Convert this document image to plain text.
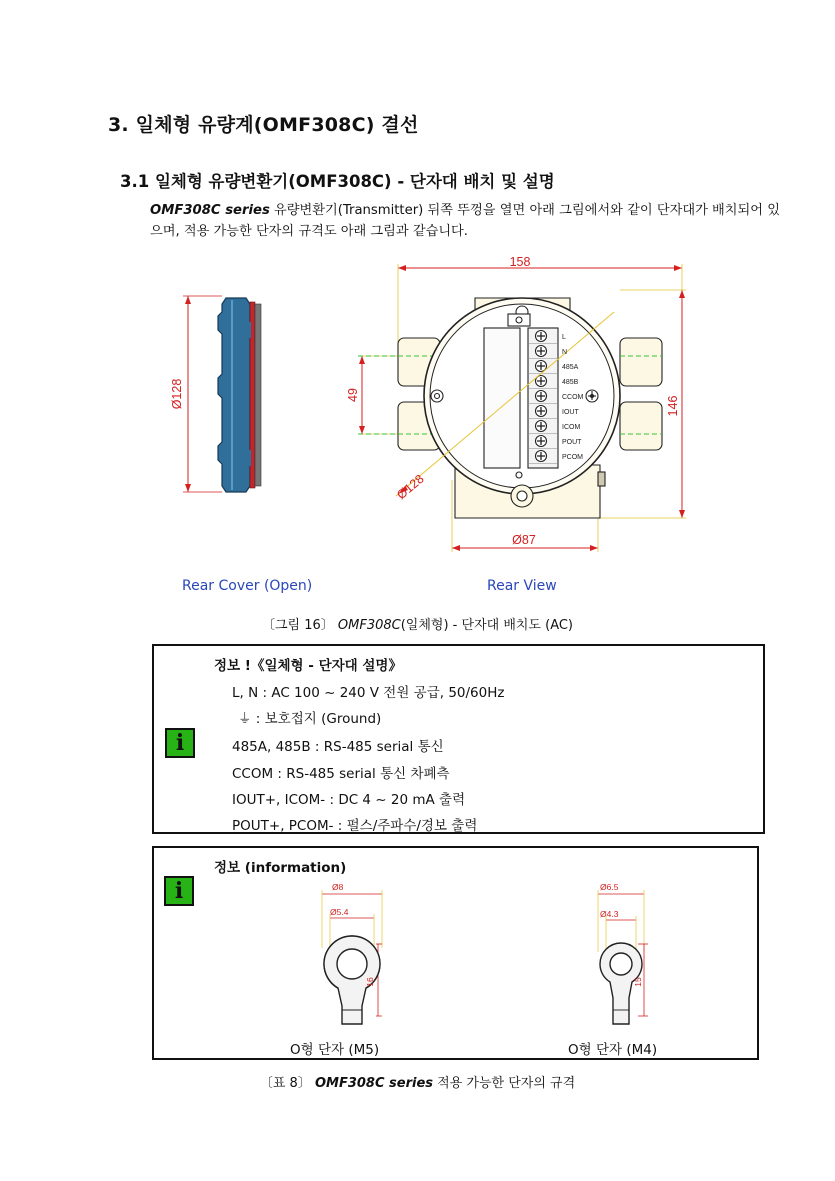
3. 일체형 유량계(OMF308C) 결선
3.1 일체형 유량변환기(OMF308C) - 단자대 배치 및 설명
OMF308C series 유량변환기(Transmitter) 뒤쪽 뚜껑을 열면 아래 그림에서와 같이 단자대가 배치되어 있으며, 적용 가능한 단자의 규격도 아래 그림과 같습니다.
158
Ø128	49
146
Ø128
Ø87
L
N
485A
485B
CCOM
IOUT
ICOM
POUT
PCOM
Rear Cover (Open)	Rear View
〔그림 16〕 OMF308C(일체형) - 단자대 배치도 (AC)
i
정보 !《일체형 - 단자대 설명》
L, N : AC 100 ~ 240 V 전원 공급, 50/60Hz
⏚ : 보호접지 (Ground)
485A, 485B : RS-485 serial 통신
CCOM : RS-485 serial 통신 차폐측
IOUT+, ICOM- : DC 4 ~ 20 mA 출력
POUT+, PCOM- : 펄스/주파수/경보 출력
i
정보 (information)
Ø8
Ø5.4
16
Ø6.5
Ø4.3
15
O형 단자 (M5)	O형 단자 (M4)
〔표 8〕 OMF308C series 적용 가능한 단자의 규격
